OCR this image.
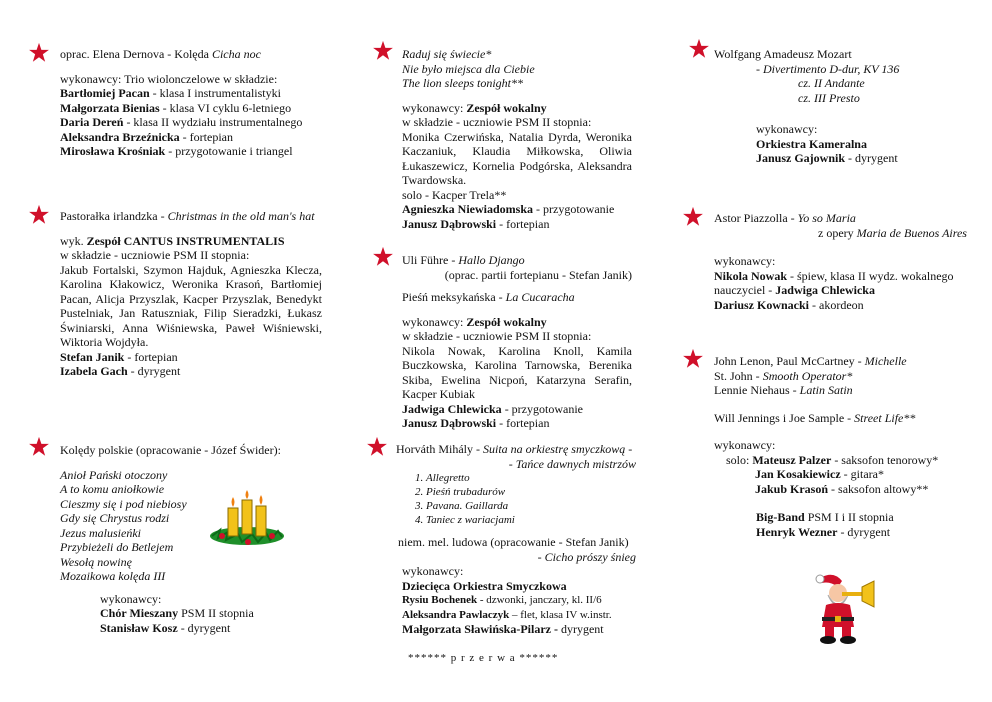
oprac. Elena Dernova - Kolęda Cicha noc

wykonawcy: Trio wiolonczelowe w składzie:

Bartłomiej Pacan - klasa I instrumentalistyki

Małgorzata Bienias - klasa VI cyklu 6-letniego

Daria Dereń - klasa II wydziału instrumentalnego

Aleksandra Brzeźnicka - fortepian

Mirosława Krośniak - przygotowanie i triangel

Pastorałka irlandzka - Christmas in the old man's hat

wyk. Zespół CANTUS INSTRUMENTALIS

w składzie - uczniowie PSM II stopnia:

Jakub Fortalski, Szymon Hajduk, Agnieszka Klecza, Karolina Kłakowicz, Weronika Krasoń, Bartłomiej Pacan, Alicja Przyszlak, Kacper Przyszlak, Benedykt Pustelniak, Jan Ratuszniak, Filip Sieradzki, Łukasz Świniarski, Anna Wiśniewska, Paweł Wiśniewski, Wiktoria Wojdyła.

Stefan Janik - fortepian

Izabela Gach - dyrygent

Kolędy polskie (opracowanie - Józef Świder):

Anioł Pański otoczony

A to komu aniołkowie

Cieszmy się i pod niebiosy

Gdy się Chrystus rodzi

Jezus malusieńki

Przybieżeli do Betlejem

Wesołą nowinę

Mozaikowa kolęda III

wykonawcy:

Chór Mieszany PSM II stopnia

Stanisław Kosz - dyrygent

Raduj się świecie*

Nie było miejsca dla Ciebie

The lion sleeps tonight**

wykonawcy: Zespół wokalny

w składzie - uczniowie PSM II stopnia:

Monika Czerwińska, Natalia Dyrda, Weronika Kaczaniuk, Klaudia Miłkowska, Oliwia Łukaszewicz, Kornelia Podgórska, Aleksandra Twardowska.

solo - Kacper Trela**

Agnieszka Niewiadomska - przygotowanie

Janusz Dąbrowski - fortepian

Uli Führe - Hallo Django

(oprac. partii fortepianu - Stefan Janik)

Pieśń meksykańska - La Cucaracha

wykonawcy: Zespół wokalny

w składzie - uczniowie PSM II stopnia:

Nikola Nowak, Karolina Knoll, Kamila Buczkowska, Karolina Tarnowska, Berenika Skiba, Ewelina Nicpoń, Katarzyna Serafin, Kacper Kubiak

Jadwiga Chlewicka - przygotowanie

Janusz Dąbrowski - fortepian

Horváth Mihály - Suita na orkiestrę smyczkową -

- Tańce dawnych mistrzów

1. Allegretto
2. Pieśń trubadurów
3. Pavana. Gaillarda
4. Taniec z wariacjami

niem. mel. ludowa (opracowanie - Stefan Janik)

- Cicho prószy śnieg

wykonawcy:

Dziecięca Orkiestra Smyczkowa

Rysiu Bochenek - dzwonki, janczary, kl. II/6

Aleksandra Pawlaczyk – flet, klasa IV w.instr.

Małgorzata Sławińska-Pilarz - dyrygent

****** p r z e r w a ******

Wolfgang Amadeusz Mozart

- Divertimento D-dur, KV 136

cz. II Andante

cz. III Presto

wykonawcy:

Orkiestra Kameralna

Janusz Gajownik - dyrygent

Astor Piazzolla - Yo so Maria

z opery Maria de Buenos Aires

wykonawcy:

Nikola Nowak - śpiew, klasa II wydz. wokalnego

nauczyciel - Jadwiga Chlewicka

Dariusz Kownacki - akordeon

John Lenon, Paul McCartney - Michelle

St. John - Smooth Operator*

Lennie Niehaus - Latin Satin

Will Jennings i Joe Sample - Street Life**

wykonawcy:

solo: Mateusz Palzer - saksofon tenorowy*

Jan Kosakiewicz - gitara*

Jakub Krasoń - saksofon altowy**

Big-Band PSM I i II stopnia

Henryk Wezner - dyrygent
